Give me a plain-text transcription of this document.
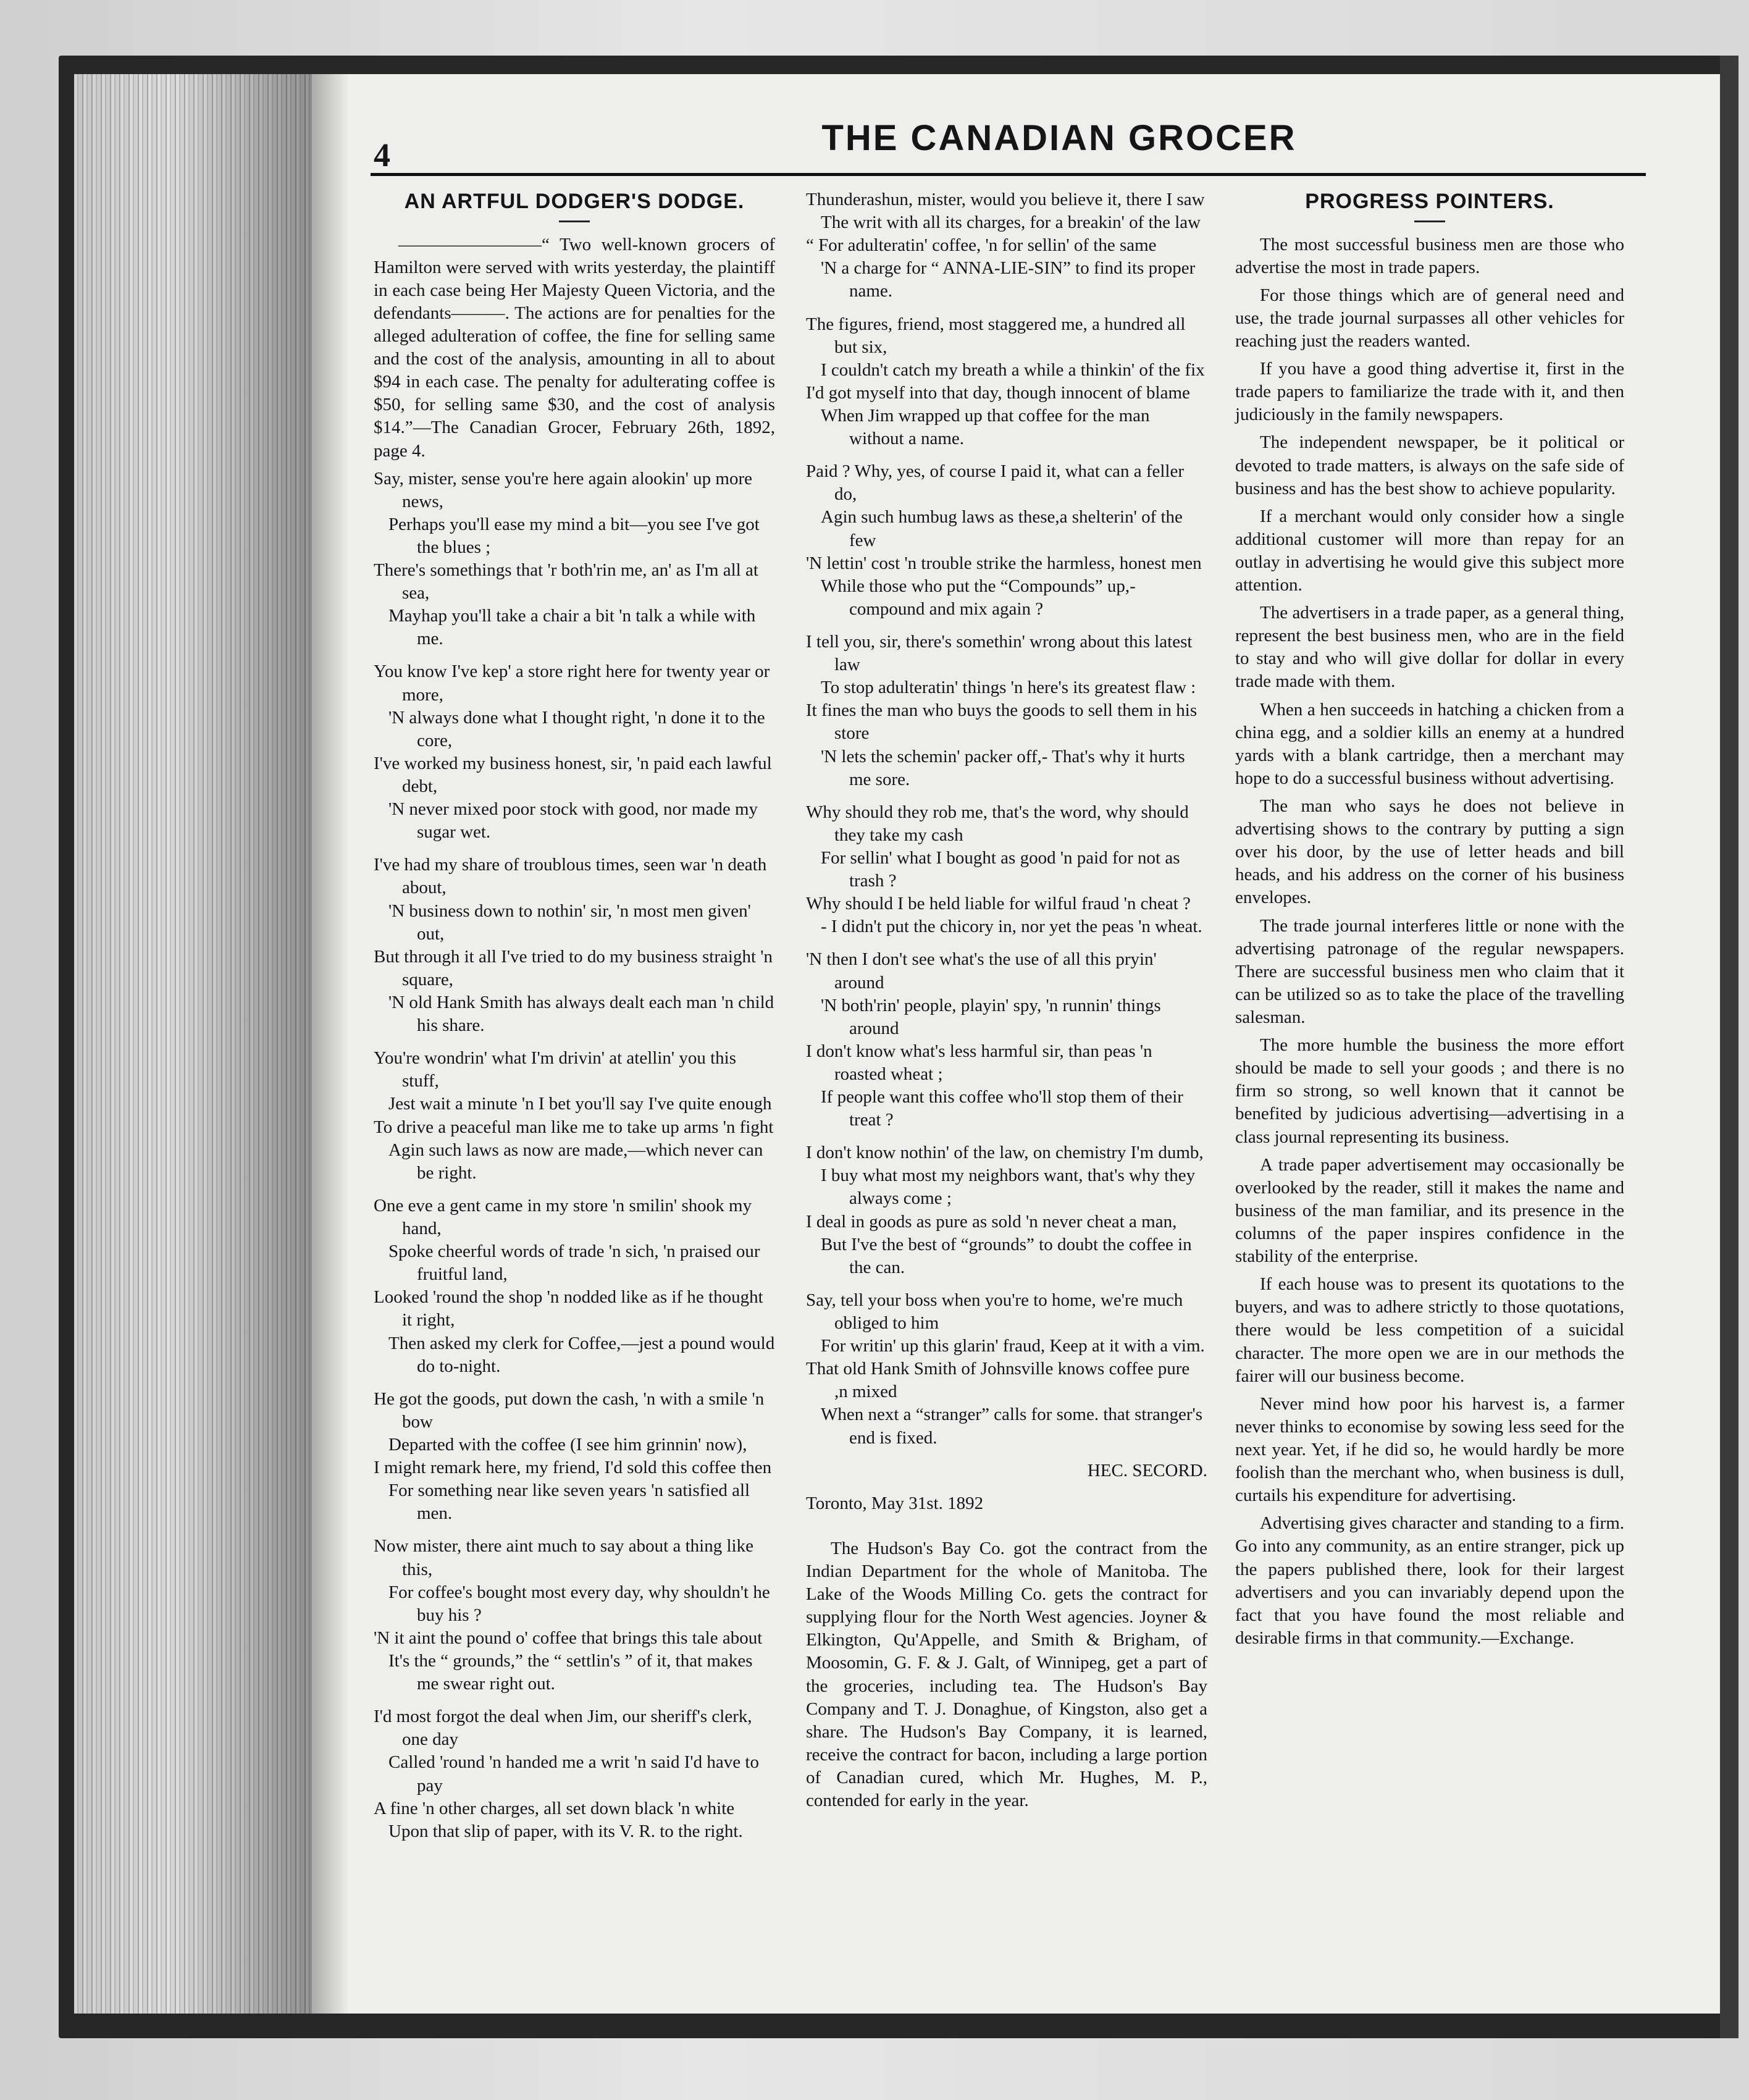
4	THE CANADIAN GROCER
AN ARTFUL DODGER'S DODGE.

————————“ Two well-known grocers of Hamilton were served with writs yesterday, the plaintiff in each case being Her Majesty Queen Victoria, and the defendants———. The actions are for penalties for the alleged adulteration of coffee, the fine for selling same and the cost of the analysis, amounting in all to about $94 in each case. The penalty for adulterating coffee is $50, for selling same $30, and the cost of analysis $14.”—The Canadian Grocer, February 26th, 1892, page 4.

Say, mister, sense you're here again alookin' up more news,
Perhaps you'll ease my mind a bit—you see I've got the blues ;
There's somethings that 'r both'rin me, an' as I'm all at sea,
Mayhap you'll take a chair a bit 'n talk a while with me.
You know I've kep' a store right here for twenty year or more,
'N always done what I thought right, 'n done it to the core,
I've worked my business honest, sir, 'n paid each lawful debt,
'N never mixed poor stock with good, nor made my sugar wet.
I've had my share of troublous times, seen war 'n death about,
'N business down to nothin' sir, 'n most men given' out,
But through it all I've tried to do my business straight 'n square,
'N old Hank Smith has always dealt each man 'n child his share.
You're wondrin' what I'm drivin' at atellin' you this stuff,
Jest wait a minute 'n I bet you'll say I've quite enough
To drive a peaceful man like me to take up arms 'n fight
Agin such laws as now are made,—which never can be right.
One eve a gent came in my store 'n smilin' shook my hand,
Spoke cheerful words of trade 'n sich, 'n praised our fruitful land,
Looked 'round the shop 'n nodded like as if he thought it right,
Then asked my clerk for Coffee,—jest a pound would do to-night.
He got the goods, put down the cash, 'n with a smile 'n bow
Departed with the coffee (I see him grinnin' now),
I might remark here, my friend, I'd sold this coffee then
For something near like seven years 'n satisfied all men.
Now mister, there aint much to say about a thing like this,
For coffee's bought most every day, why shouldn't he buy his ?
'N it aint the pound o' coffee that brings this tale about
It's the “ grounds,” the “ settlin's ” of it, that makes me swear right out.
I'd most forgot the deal when Jim, our sheriff's clerk, one day
Called 'round 'n handed me a writ 'n said I'd have to pay
A fine 'n other charges, all set down black 'n white
Upon that slip of paper, with its V. R. to the right.
Thunderashun, mister, would you believe it, there I saw
The writ with all its charges, for a breakin' of the law
“ For adulteratin' coffee, 'n for sellin' of the same
'N a charge for “ ANNA-LIE-SIN” to find its proper name.
The figures, friend, most staggered me, a hundred all but six,
I couldn't catch my breath a while a thinkin' of the fix
I'd got myself into that day, though innocent of blame
When Jim wrapped up that coffee for the man without a name.
Paid ? Why, yes, of course I paid it, what can a feller do,
Agin such humbug laws as these,a shelterin' of the few
'N lettin' cost 'n trouble strike the harmless, honest men
While those who put the “Compounds” up,-compound and mix again ?
I tell you, sir, there's somethin' wrong about this latest law
To stop adulteratin' things 'n here's its greatest flaw :
It fines the man who buys the goods to sell them in his store
'N lets the schemin' packer off,- That's why it hurts me sore.
Why should they rob me, that's the word, why should they take my cash
For sellin' what I bought as good 'n paid for not as trash ?
Why should I be held liable for wilful fraud 'n cheat ?
- I didn't put the chicory in, nor yet the peas 'n wheat.
'N then I don't see what's the use of all this pryin' around
'N both'rin' people, playin' spy, 'n runnin' things around
I don't know what's less harmful sir, than peas 'n roasted wheat ;
If people want this coffee who'll stop them of their treat ?
I don't know nothin' of the law, on chemistry I'm dumb,
I buy what most my neighbors want, that's why they always come ;
I deal in goods as pure as sold 'n never cheat a man,
But I've the best of “grounds” to doubt the coffee in the can.
Say, tell your boss when you're to home, we're much obliged to him
For writin' up this glarin' fraud, Keep at it with a vim.
That old Hank Smith of Johnsville knows coffee pure ,n mixed
When next a “stranger” calls for some. that stranger's end is fixed.
HEC. SECORD.
Toronto, May 31st. 1892

The Hudson's Bay Co. got the contract from the Indian Department for the whole of Manitoba. The Lake of the Woods Milling Co. gets the contract for supplying flour for the North West agencies. Joyner & Elkington, Qu'Appelle, and Smith & Brigham, of Moosomin, G. F. & J. Galt, of Winnipeg, get a part of the groceries, including tea. The Hudson's Bay Company and T. J. Donaghue, of Kingston, also get a share. The Hudson's Bay Company, it is learned, receive the contract for bacon, including a large portion of Canadian cured, which Mr. Hughes, M. P., contended for early in the year.

PROGRESS POINTERS.

The most successful business men are those who advertise the most in trade papers.

For those things which are of general need and use, the trade journal surpasses all other vehicles for reaching just the readers wanted.

If you have a good thing advertise it, first in the trade papers to familiarize the trade with it, and then judiciously in the family newspapers.

The independent newspaper, be it political or devoted to trade matters, is always on the safe side of business and has the best show to achieve popularity.

If a merchant would only consider how a single additional customer will more than repay for an outlay in advertising he would give this subject more attention.

The advertisers in a trade paper, as a general thing, represent the best business men, who are in the field to stay and who will give dollar for dollar in every trade made with them.

When a hen succeeds in hatching a chicken from a china egg, and a soldier kills an enemy at a hundred yards with a blank cartridge, then a merchant may hope to do a successful business without advertising.

The man who says he does not believe in advertising shows to the contrary by putting a sign over his door, by the use of letter heads and bill heads, and his address on the corner of his business envelopes.

The trade journal interferes little or none with the advertising patronage of the regular newspapers. There are successful business men who claim that it can be utilized so as to take the place of the travelling salesman.

The more humble the business the more effort should be made to sell your goods ; and there is no firm so strong, so well known that it cannot be benefited by judicious advertising—advertising in a class journal representing its business.

A trade paper advertisement may occasionally be overlooked by the reader, still it makes the name and business of the man familiar, and its presence in the columns of the paper inspires confidence in the stability of the enterprise.

If each house was to present its quotations to the buyers, and was to adhere strictly to those quotations, there would be less competition of a suicidal character. The more open we are in our methods the fairer will our business become.

Never mind how poor his harvest is, a farmer never thinks to economise by sowing less seed for the next year. Yet, if he did so, he would hardly be more foolish than the merchant who, when business is dull, curtails his expenditure for advertising.

Advertising gives character and standing to a firm. Go into any community, as an entire stranger, pick up the papers published there, look for their largest advertisers and you can invariably depend upon the fact that you have found the most reliable and desirable firms in that community.—Exchange.
